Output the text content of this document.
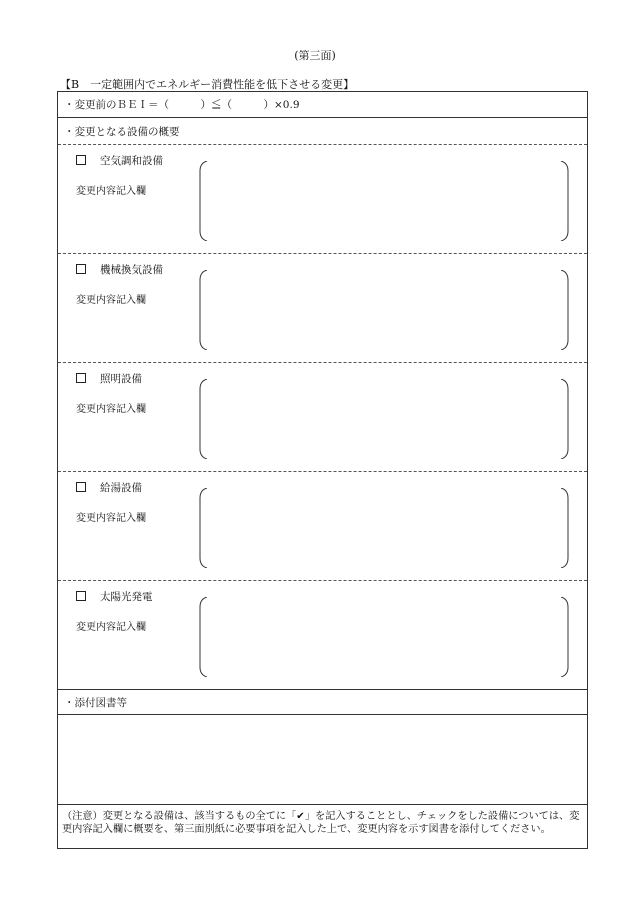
(第三面)
【B　一定範囲内でエネルギー消費性能を低下させる変更】
・変更前のＢＥＩ＝（　　　）≦（　　　）×0.9
・変更となる設備の概要
空気調和設備
変更内容記入欄
機械換気設備
変更内容記入欄
照明設備
変更内容記入欄
給湯設備
変更内容記入欄
太陽光発電
変更内容記入欄
・添付図書等
（注意）変更となる設備は、該当するもの全てに「✔」を記入することとし、チェックをした設備については、変更内容記入欄に概要を、第三面別紙に必要事項を記入した上で、変更内容を示す図書を添付してください。
